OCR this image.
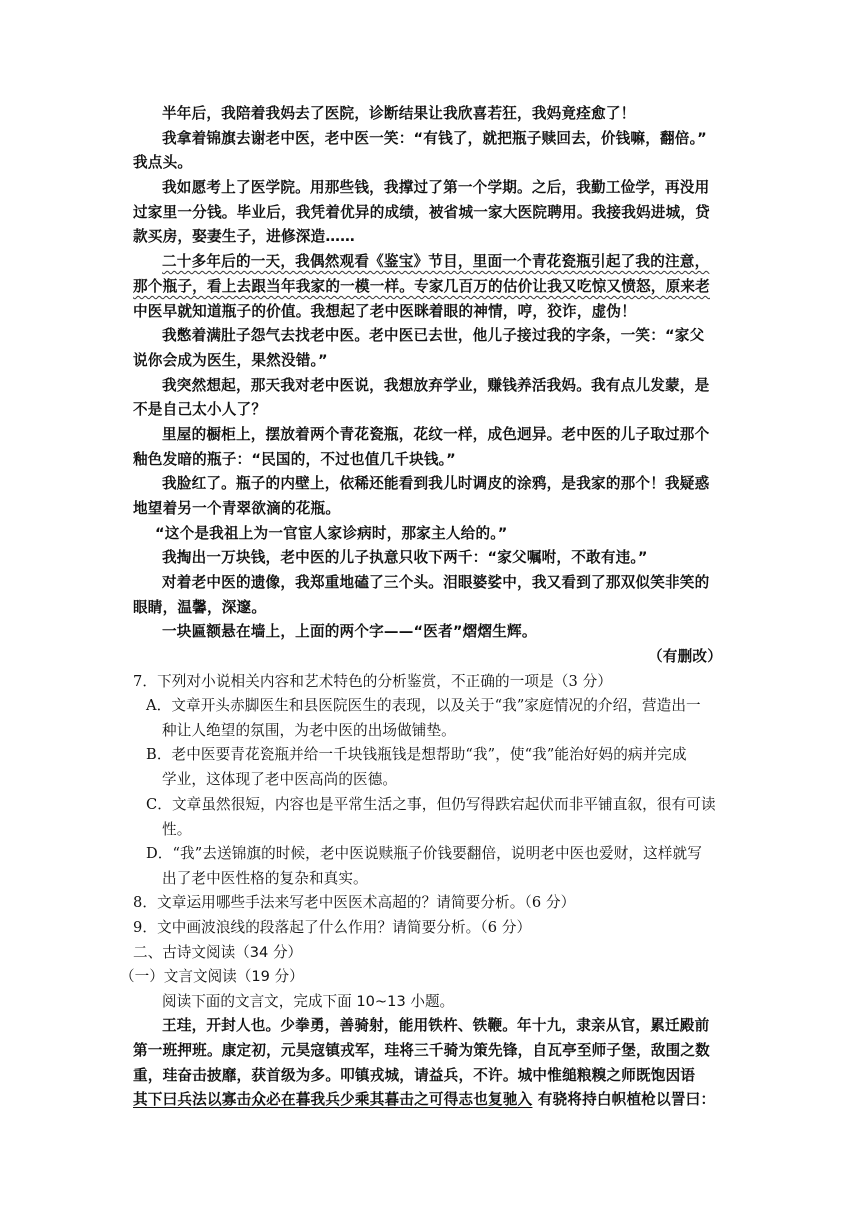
半年后，我陪着我妈去了医院，诊断结果让我欣喜若狂，我妈竟痊愈了！
我拿着锦旗去谢老中医，老中医一笑：“有钱了，就把瓶子赎回去，价钱嘛，翻倍。”
我点头。
我如愿考上了医学院。用那些钱，我撑过了第一个学期。之后，我勤工俭学，再没用
过家里一分钱。毕业后，我凭着优异的成绩，被省城一家大医院聘用。我接我妈进城，贷
款买房，娶妻生子，进修深造……
二十多年后的一天，我偶然观看《鉴宝》节目，里面一个青花瓷瓶引起了我的注意，
那个瓶子，看上去跟当年我家的一模一样。专家几百万的估价让我又吃惊又愤怒，原来老
中医早就知道瓶子的价值。我想起了老中医眯着眼的神情，哼，狡诈，虚伪！
我憋着满肚子怨气去找老中医。老中医已去世，他儿子接过我的字条，一笑：“家父
说你会成为医生，果然没错。”
我突然想起，那天我对老中医说，我想放弃学业，赚钱养活我妈。我有点儿发蒙，是
不是自己太小人了？
里屋的橱柜上，摆放着两个青花瓷瓶，花纹一样，成色迥异。老中医的儿子取过那个
釉色发暗的瓶子：“民国的，不过也值几千块钱。”
我脸红了。瓶子的内壁上，依稀还能看到我儿时调皮的涂鸦，是我家的那个！我疑惑
地望着另一个青翠欲滴的花瓶。
“这个是我祖上为一官宦人家诊病时，那家主人给的。”
我掏出一万块钱，老中医的儿子执意只收下两千：“家父嘱咐，不敢有违。”
对着老中医的遗像，我郑重地磕了三个头。泪眼婆娑中，我又看到了那双似笑非笑的
眼睛，温馨，深邃。
一块匾额悬在墙上，上面的两个字——“医者”熠熠生辉。
（有删改）
7．下列对小说相关内容和艺术特色的分析鉴赏，不正确的一项是（3 分）
A．文章开头赤脚医生和县医院医生的表现，以及关于“我”家庭情况的介绍，营造出一
种让人绝望的氛围，为老中医的出场做铺垫。
B．老中医要青花瓷瓶并给一千块钱瓶钱是想帮助“我”，使“我”能治好妈的病并完成
学业，这体现了老中医高尚的医德。
C．文章虽然很短，内容也是平常生活之事，但仍写得跌宕起伏而非平铺直叙，很有可读
性。
D．“我”去送锦旗的时候，老中医说赎瓶子价钱要翻倍，说明老中医也爱财，这样就写
出了老中医性格的复杂和真实。
8．文章运用哪些手法来写老中医医术高超的？请简要分析。（6 分）
9．文中画波浪线的段落起了什么作用？请简要分析。（6 分）
二、古诗文阅读（34 分）
（一）文言文阅读（19 分）
阅读下面的文言文，完成下面 10~13 小题。
王珪，开封人也。少拳勇，善骑射，能用铁杵、铁鞭。年十九，隶亲从官，累迁殿前
第一班押班。康定初，元昊寇镇戎军，珪将三千骑为策先锋，自瓦亭至师子堡，敌围之数
重，珪奋击披靡，获首级为多。叩镇戎城，请益兵，不许。城中惟缒粮糗之师既饱因语
其下曰兵法以寡击众必在暮我兵少乘其暮击之可得志也复驰入 有骁将持白帜植枪以詈曰：
